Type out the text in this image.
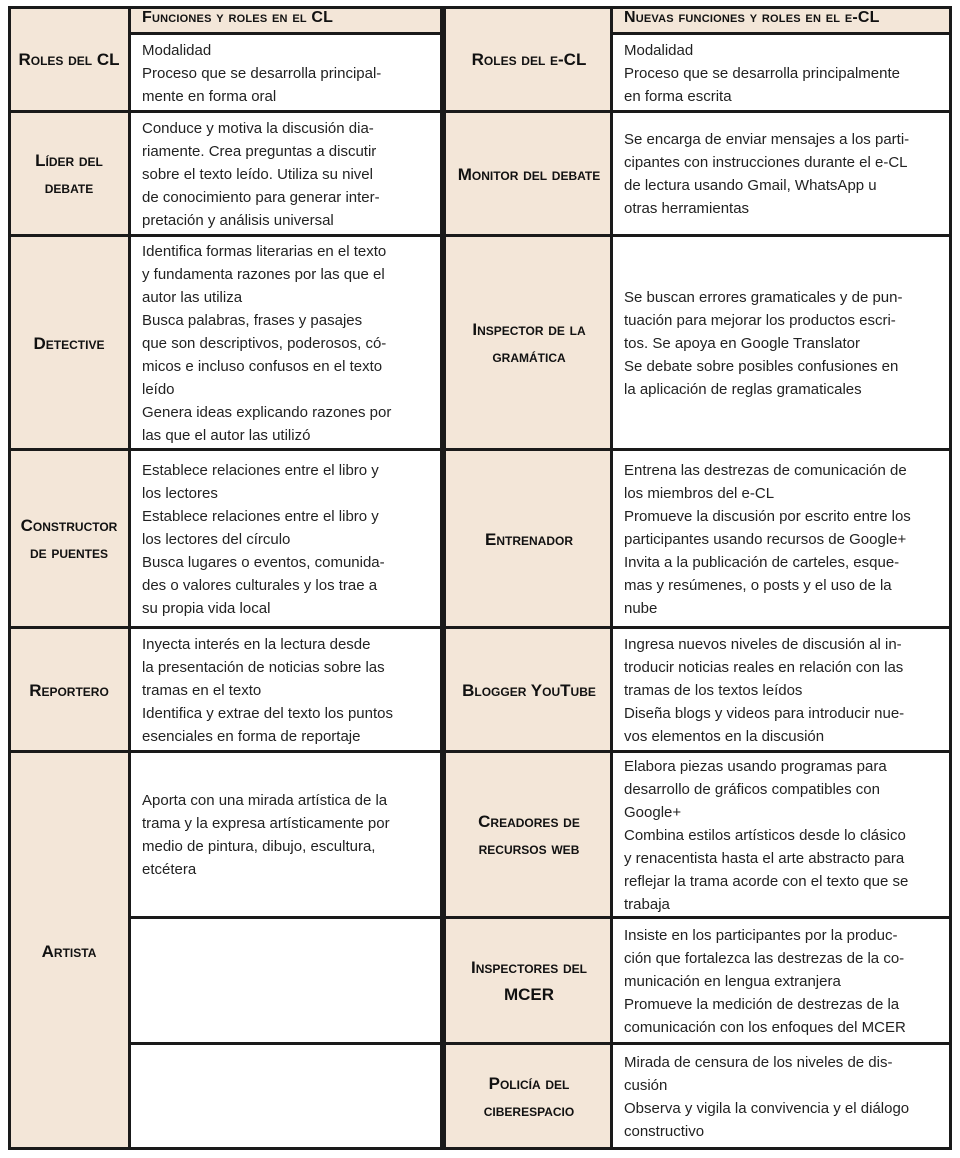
Funciones y roles en el CL
Roles del CL	Modalidad
Proceso que se desarrolla principal-
mente en forma oral
Líder del debate
Conduce y motiva la discusión dia-
riamente. Crea preguntas a discutir
sobre el texto leído. Utiliza su nivel
de conocimiento para generar inter-
pretación y análisis universal
Detective
Identifica formas literarias en el texto
y fundamenta razones por las que el
autor las utiliza
Busca palabras, frases y pasajes
que son descriptivos, poderosos, có-
micos e incluso confusos en el texto
leído
Genera ideas explicando razones por
las que el autor las utilizó
Constructor de puentes
Establece relaciones entre el libro y
los lectores
Establece relaciones entre el libro y
los lectores del círculo
Busca lugares o eventos, comunida-
des o valores culturales y los trae a
su propia vida local
Reportero
Inyecta interés en la lectura desde
la presentación de noticias sobre las
tramas en el texto
Identifica y extrae del texto los puntos
esenciales en forma de reportaje
Artista
Aporta con una mirada artística de la
trama y la expresa artísticamente por
medio de pintura, dibujo, escultura,
etcétera
Nuevas funciones y roles en el e-CL
Roles del e-CL	Modalidad
Proceso que se desarrolla principalmente
en forma escrita
Monitor del debate
Se encarga de enviar mensajes a los parti-
cipantes con instrucciones durante el e-CL
de lectura usando Gmail, WhatsApp u
otras herramientas
Inspector de la gramática
Se buscan errores gramaticales y de pun-
tuación para mejorar los productos escri-
tos. Se apoya en Google Translator
Se debate sobre posibles confusiones en
la aplicación de reglas gramaticales
Entrenador
Entrena las destrezas de comunicación de
los miembros del e-CL
Promueve la discusión por escrito entre los
participantes usando recursos de Google+
Invita a la publicación de carteles, esque-
mas y resúmenes, o posts y el uso de la
nube
Blogger YouTube
Ingresa nuevos niveles de discusión al in-
troducir noticias reales en relación con las
tramas de los textos leídos
Diseña blogs y videos para introducir nue-
vos elementos en la discusión
Creadores de recursos web
Elabora piezas usando programas para
desarrollo de gráficos compatibles con
Google+
Combina estilos artísticos desde lo clásico
y renacentista hasta el arte abstracto para
reflejar la trama acorde con el texto que se
trabaja
Inspectores del MCER
Insiste en los participantes por la produc-
ción que fortalezca las destrezas de la co-
municación en lengua extranjera
Promueve la medición de destrezas de la
comunicación con los enfoques del MCER
Policía del ciberespacio
Mirada de censura de los niveles de dis-
cusión
Observa y vigila la convivencia y el diálogo
constructivo
